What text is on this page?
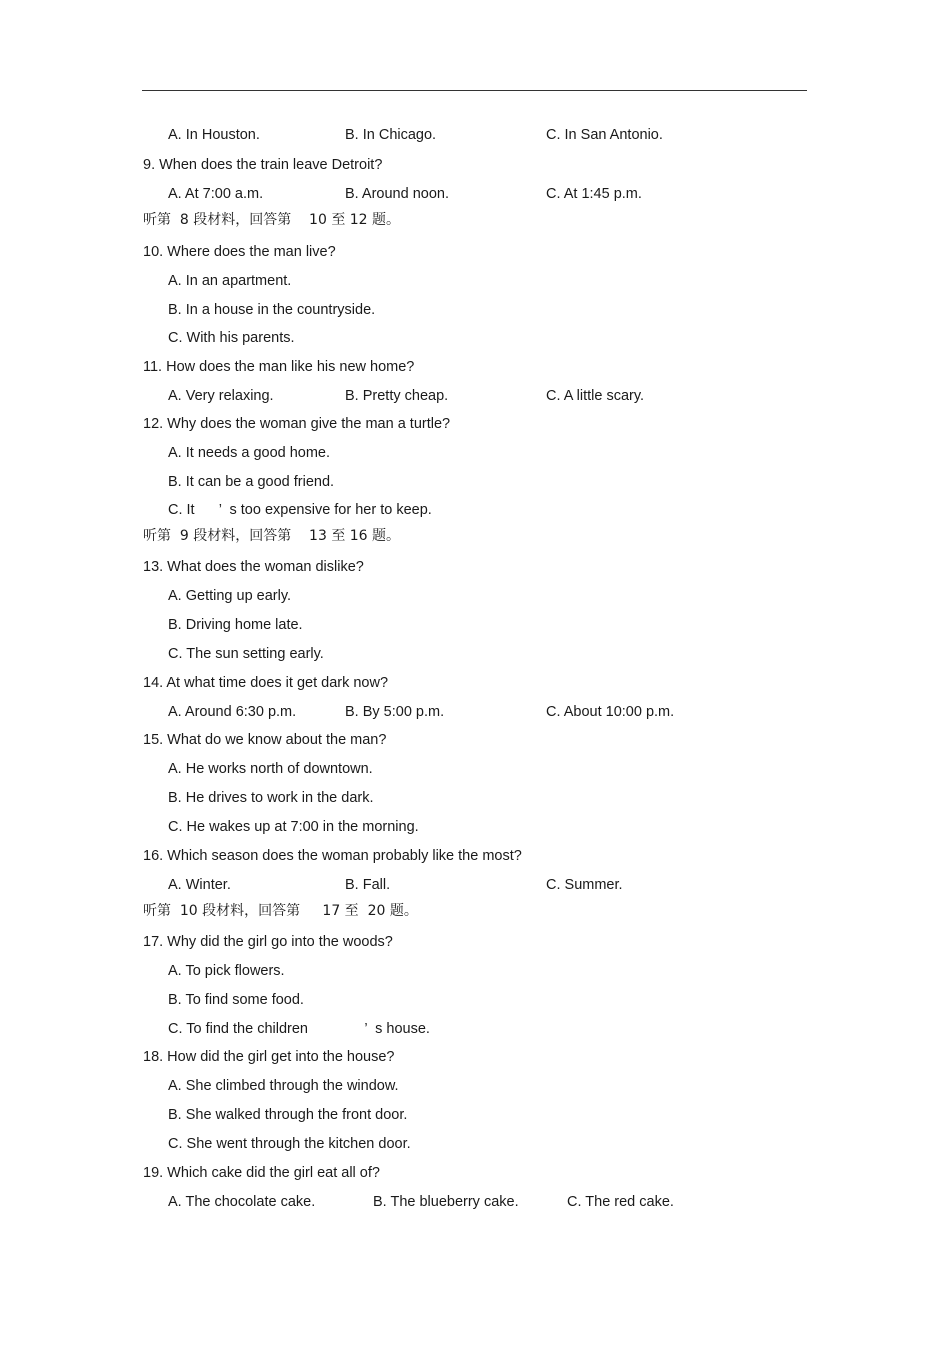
A. In Houston.	B. In Chicago.	C. In San Antonio.
9. When does the train leave Detroit?
A. At 7:00 a.m.	B. Around noon.	C. At 1:45 p.m.
听第  8 段材料，回答第    10 至 12 题。
10. Where does the man live?
A. In an apartment.
B. In a house in the countryside.
C. With his parents.
11. How does the man like his new home?
A. Very relaxing.	B. Pretty cheap.	C. A little scary.
12. Why does the woman give the man a turtle?
A. It needs a good home.
B. It can be a good friend.
C. It      ’  s too expensive for her to keep.
听第  9 段材料，回答第    13 至 16 题。
13. What does the woman dislike?
A. Getting up early.
B. Driving home late.
C. The sun setting early.
14. At what time does it get dark now?
A. Around 6:30 p.m.	B. By 5:00 p.m.	C. About 10:00 p.m.
15. What do we know about the man?
A. He works north of downtown.
B. He drives to work in the dark.
C. He wakes up at 7:00 in the morning.
16. Which season does the woman probably like the most?
A. Winter.	B. Fall.	C. Summer.
听第  10 段材料，回答第     17 至  20 题。
17. Why did the girl go into the woods?
A. To pick flowers.
B. To find some food.
C. To find the children              ’  s house.
18. How did the girl get into the house?
A. She climbed through the window.
B. She walked through the front door.
C. She went through the kitchen door.
19. Which cake did the girl eat all of?
A. The chocolate cake.	B. The blueberry cake.	C. The red cake.
